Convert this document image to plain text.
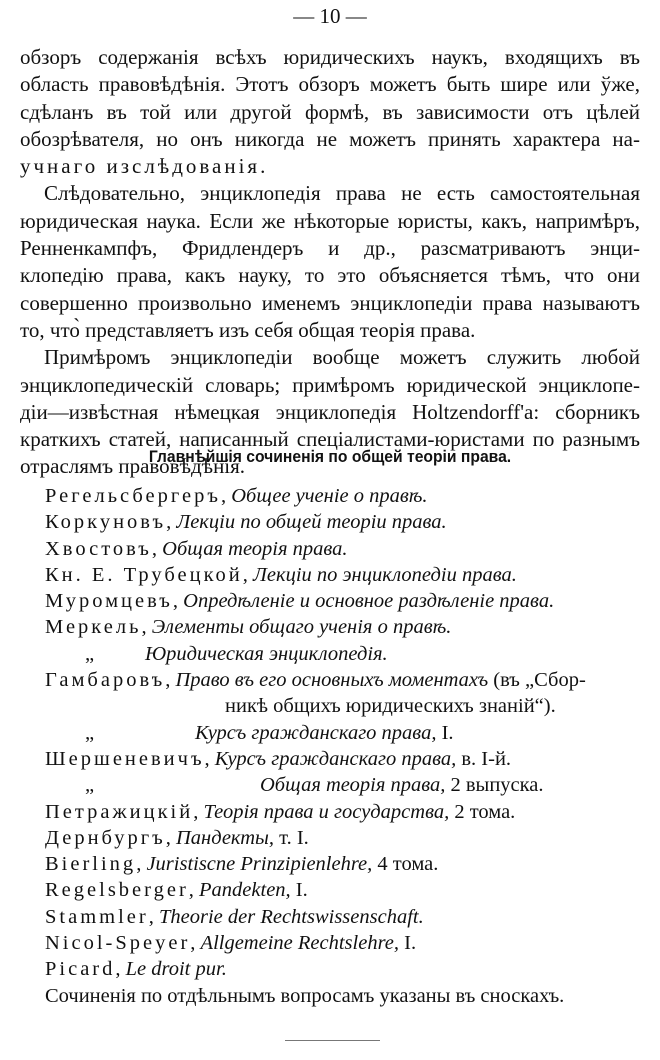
— 10 —
обзоръ содержанія всѣхъ юридическихъ наукъ, входящихъ въ
область правовѣдѣнія. Этотъ обзоръ можетъ быть шире или ўже,
сдѣланъ въ той или другой формѣ, въ зависимости отъ цѣлей
обозрѣвателя, но онъ никогда не можетъ принять характера на-
учнаго изслѣдованія.
Слѣдовательно, энциклопедія права не есть самостоятельная
юридическая наука. Если же нѣкоторые юристы, какъ, напримѣръ,
Ренненкампфъ, Фридлендеръ и др., разсматриваютъ энци-
клопедію права, какъ науку, то это объясняется тѣмъ, что они
совершенно произвольно именемъ энциклопедіи права называютъ
то, что̀ представляетъ изъ себя общая теорія права.
Примѣромъ энциклопедіи вообще можетъ служить любой
энциклопедическій словарь; примѣромъ юридической энциклопе-
діи—извѣстная нѣмецкая энциклопедія Holtzendorff'a: сборникъ
краткихъ статей, написанный спеціалистами-юристами по разнымъ
отраслямъ правовѣдѣнія.
Главнѣйшія сочиненія по общей теоріи права.
Регельсбергеръ, Общее ученіе о правѣ.
Коркуновъ, Лекціи по общей теоріи права.
Хвостовъ, Общая теорія права.
Кн. Е. Трубецкой, Лекціи по энциклопедіи права.
Муромцевъ, Опредѣленіе и основное раздѣленіе права.
Меркель, Элементы общаго ученія о правѣ.
„ Юридическая энциклопедія.
Гамбаровъ, Право въ его основныхъ моментахъ (въ „Сбор-
никѣ общихъ юридическихъ знаній“).
„	Курсъ гражданскаго права, I.
Шершеневичъ, Курсъ гражданскаго права, в. I-й.
„	Общая теорія права, 2 выпуска.
Петражицкій, Теорія права и государства, 2 тома.
Дернбургъ, Пандекты, т. I.
Bierling, Juristiscne Prinzipienlehre, 4 тома.
Regelsberger, Pandekten, I.
Stammler, Theorie der Rechtswissenschaft.
Nicol-Speyer, Allgemeine Rechtslehre, I.
Picard, Le droit pur.
Сочиненія по отдѣльнымъ вопросамъ указаны въ сноскахъ.
